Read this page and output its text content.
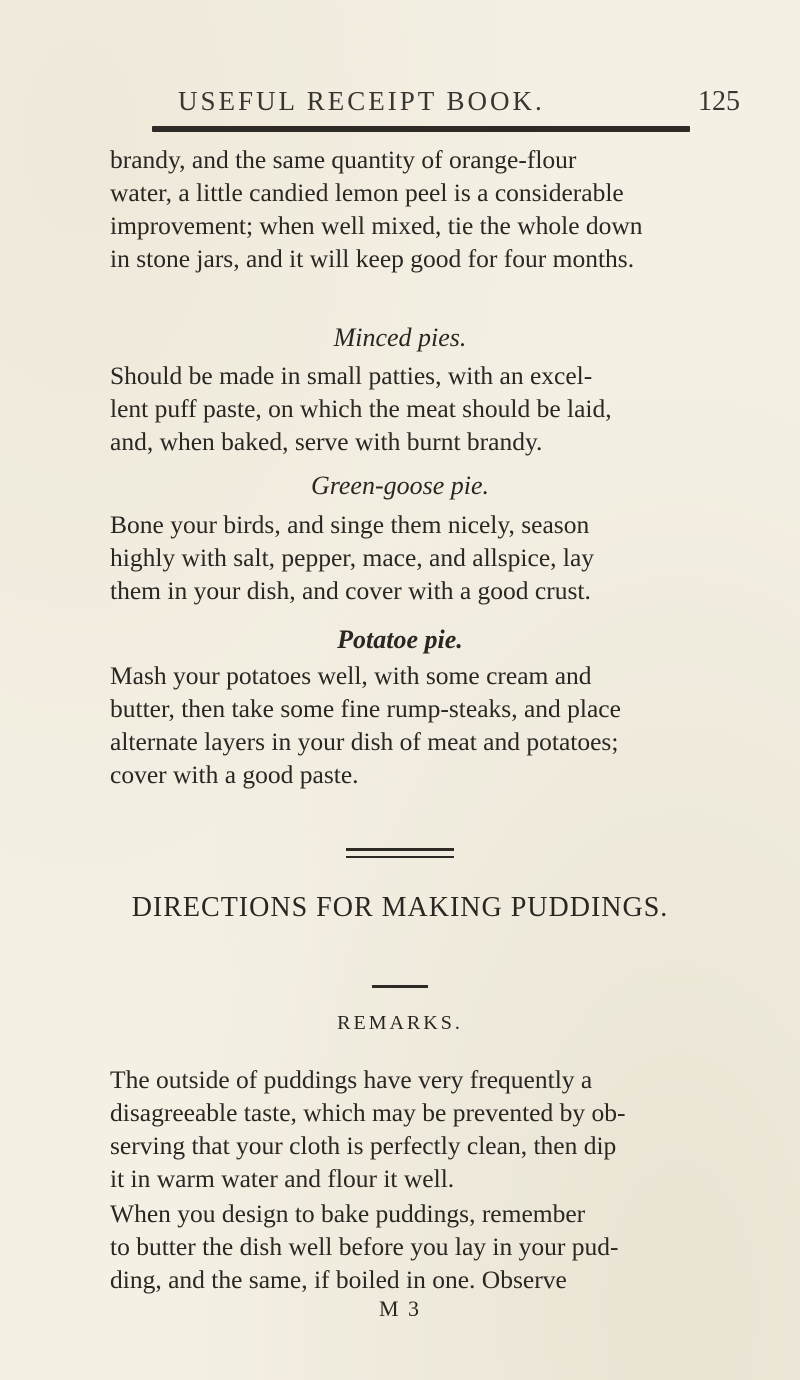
USEFUL RECEIPT BOOK.	125

brandy, and the same quantity of orange-flour

water, a little candied lemon peel is a considerable

improvement; when well mixed, tie the whole down

in stone jars, and it will keep good for four months.

Minced pies.

Should be made in small patties, with an excel-

lent puff paste, on which the meat should be laid,

and, when baked, serve with burnt brandy.

Green-goose pie.

Bone your birds, and singe them nicely, season

highly with salt, pepper, mace, and allspice, lay

them in your dish, and cover with a good crust.

Potatoe pie.

Mash your potatoes well, with some cream and

butter, then take some fine rump-steaks, and place

alternate layers in your dish of meat and potatoes;

cover with a good paste.

DIRECTIONS FOR MAKING PUDDINGS.
REMARKS.

The outside of puddings have very frequently a

disagreeable taste, which may be prevented by ob-

serving that your cloth is perfectly clean, then dip

it in warm water and flour it well.

When you design to bake puddings, remember

to butter the dish well before you lay in your pud-

ding, and the same, if boiled in one. Observe

M 3
